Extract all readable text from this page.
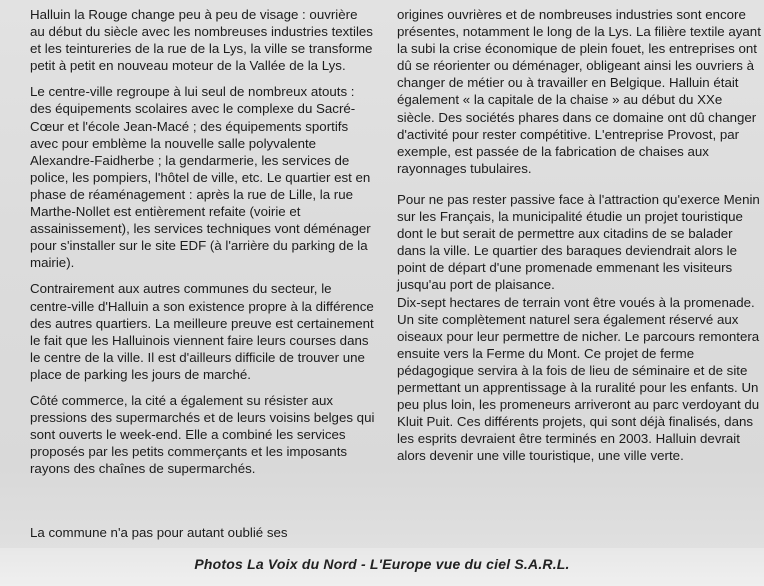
Halluin la Rouge change peu à peu de visage : ouvrière au début du siècle avec les nombreuses industries textiles et les teintureries de la rue de la Lys, la ville se transforme petit à petit en nouveau moteur de la Vallée de la Lys.

Le centre-ville regroupe à lui seul de nombreux atouts : des équipements scolaires avec le complexe du Sacré-Cœur et l'école Jean-Macé ; des équipements sportifs avec pour emblème la nouvelle salle polyvalente Alexandre-Faidherbe ; la gendarmerie, les services de police, les pompiers, l'hôtel de ville, etc. Le quartier est en phase de réaménagement : après la rue de Lille, la rue Marthe-Nollet est entièrement refaite (voirie et assainissement), les services techniques vont déménager pour s'installer sur le site EDF (à l'arrière du parking de la mairie).

Contrairement aux autres communes du secteur, le centre-ville d'Halluin a son existence propre à la différence des autres quartiers. La meilleure preuve est certainement le fait que les Halluinois viennent faire leurs courses dans le centre de la ville. Il est d'ailleurs difficile de trouver une place de parking les jours de marché.

Côté commerce, la cité a également su résister aux pressions des supermarchés et de leurs voisins belges qui sont ouverts le week-end. Elle a combiné les services proposés par les petits commerçants et les imposants rayons des chaînes de supermarchés.

La commune n'a pas pour autant oublié ses

origines ouvrières et de nombreuses industries sont encore présentes, notamment le long de la Lys. La filière textile ayant la subi la crise économique de plein fouet, les entreprises ont dû se réorienter ou déménager, obligeant ainsi les ouvriers à changer de métier ou à travailler en Belgique. Halluin était également « la capitale de la chaise » au début du XXe siècle. Des sociétés phares dans ce domaine ont dû changer d'activité pour rester compétitive. L'entreprise Provost, par exemple, est passée de la fabrication de chaises aux rayonnages tubulaires.

Pour ne pas rester passive face à l'attraction qu'exerce Menin sur les Français, la municipalité étudie un projet touristique dont le but serait de permettre aux citadins de se balader dans la ville. Le quartier des baraques deviendrait alors le point de départ d'une promenade emmenant les visiteurs jusqu'au port de plaisance.

Dix-sept hectares de terrain vont être voués à la promenade. Un site complètement naturel sera également réservé aux oiseaux pour leur permettre de nicher. Le parcours remontera ensuite vers la Ferme du Mont. Ce projet de ferme pédagogique servira à la fois de lieu de séminaire et de site permettant un apprentissage à la ruralité pour les enfants. Un peu plus loin, les promeneurs arriveront au parc verdoyant du Kluit Puit. Ces différents projets, qui sont déjà finalisés, dans les esprits devraient être terminés en 2003. Halluin devrait alors devenir une ville touristique, une ville verte.

Photos La Voix du Nord - L'Europe vue du ciel S.A.R.L.
